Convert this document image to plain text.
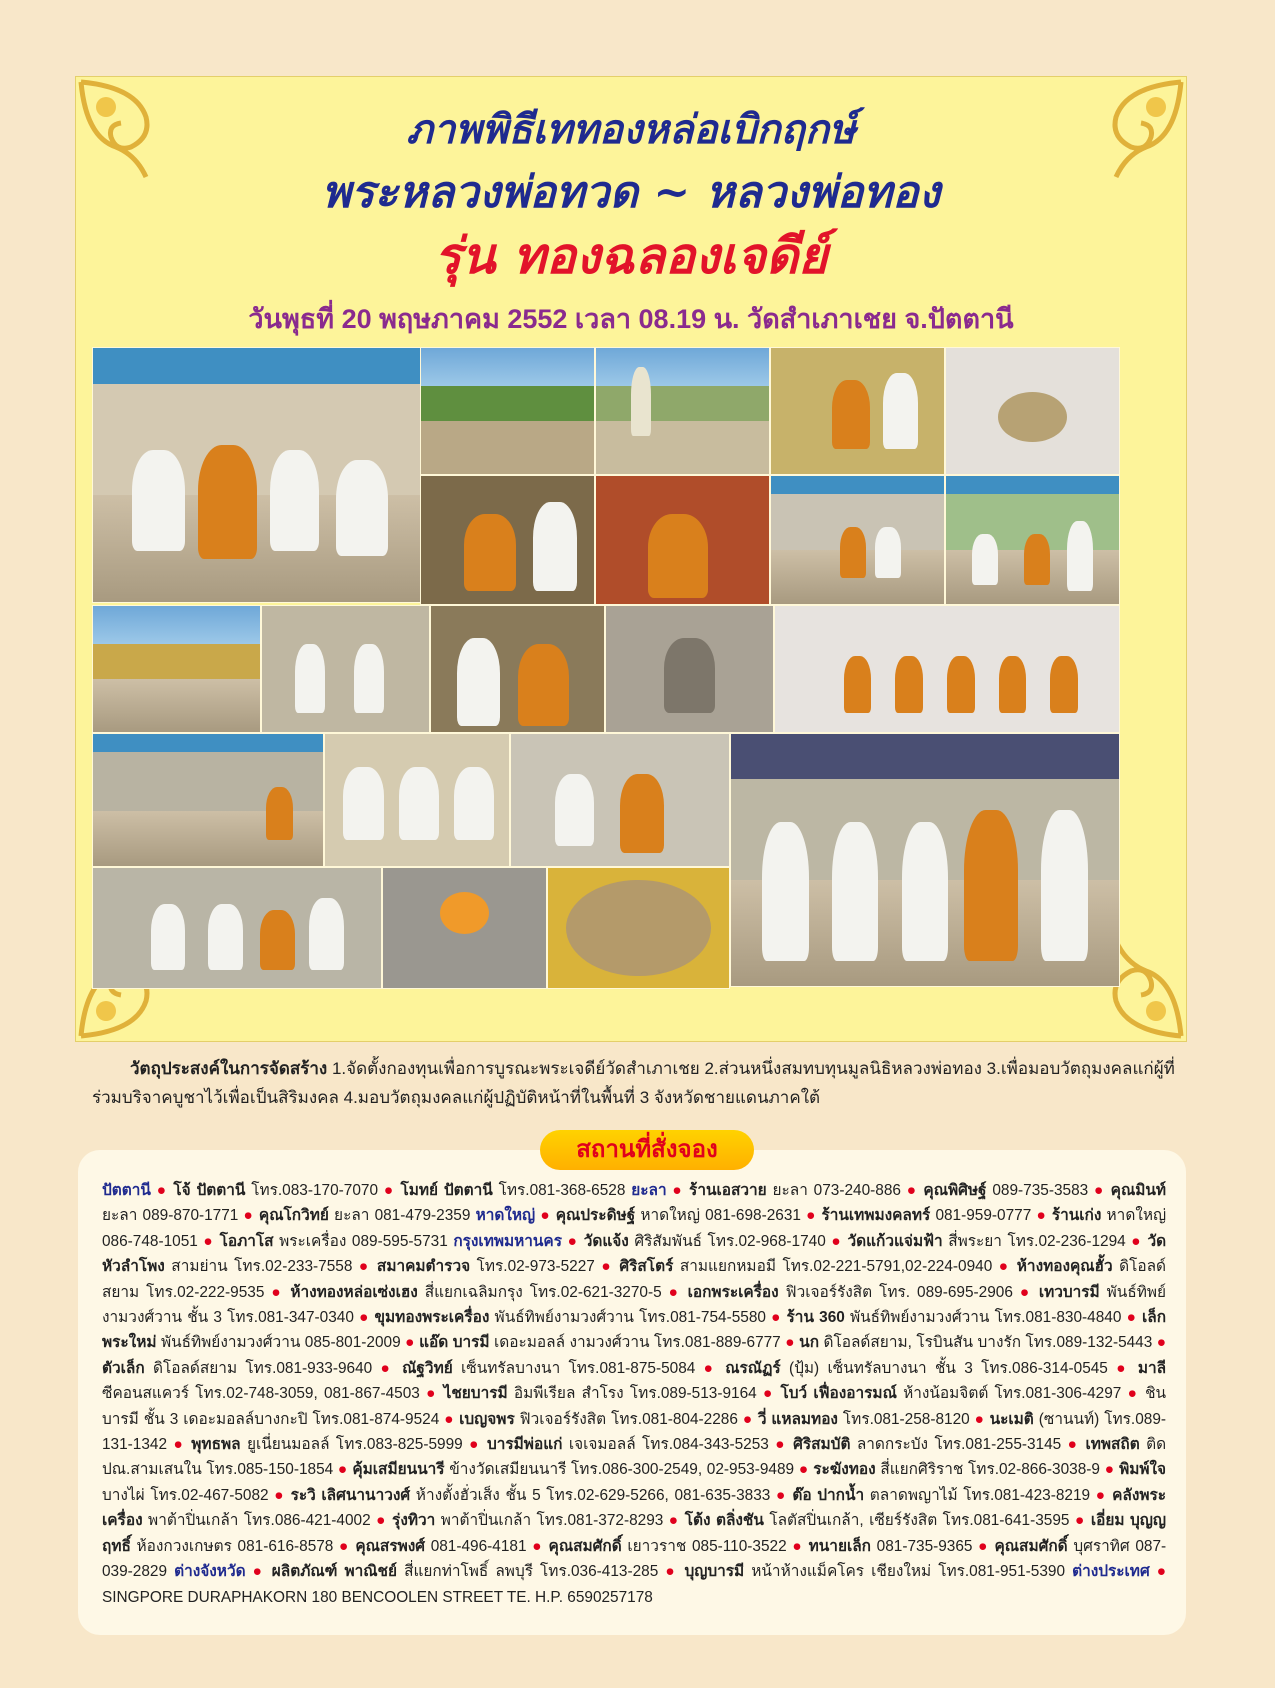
ภาพพิธีเททองหล่อเบิกฤกษ์
พระหลวงพ่อทวด ~ หลวงพ่อทอง
รุ่น ทองฉลองเจดีย์
วันพุธที่ 20 พฤษภาคม 2552 เวลา 08.19 น. วัดสำเภาเชย จ.ปัตตานี
วัตถุประสงค์ในการจัดสร้าง 1.จัดตั้งกองทุนเพื่อการบูรณะพระเจดีย์วัดสำเภาเชย 2.ส่วนหนึ่งสมทบทุนมูลนิธิหลวงพ่อทอง 3.เพื่อมอบวัตถุมงคลแก่ผู้ที่ร่วมบริจาคบูชาไว้เพื่อเป็นสิริมงคล 4.มอบวัตถุมงคลแก่ผู้ปฏิบัติหน้าที่ในพื้นที่ 3 จังหวัดชายแดนภาคใต้
ปัตตานี ● โจ้ ปัตตานี โทร.083-170-7070 ● โมทย์ ปัตตานี โทร.081-368-6528 ยะลา ● ร้านเอสวาย ยะลา 073-240-886 ● คุณพิศิษฐ์ 089-735-3583 ● คุณมินท์ ยะลา 089-870-1771 ● คุณโกวิทย์ ยะลา 081-479-2359 หาดใหญ่ ● คุณประดิษฐ์ หาดใหญ่ 081-698-2631 ● ร้านเทพมงคลทร์ 081-959-0777 ● ร้านเก่ง หาดใหญ่ 086-748-1051 ● โอภาโส พระเครื่อง 089-595-5731 กรุงเทพมหานคร ● วัดแจ้ง ศิริสัมพันธ์ โทร.02-968-1740 ● วัดแก้วแจ่มฟ้า สี่พระยา โทร.02-236-1294 ● วัดหัวลำโพง สามย่าน โทร.02-233-7558 ● สมาคมตำรวจ โทร.02-973-5227 ● ศิริสโตร์ สามแยกหมอมี โทร.02-221-5791,02-224-0940 ● ห้างทองคุณฮั้ว ดิโอลด์สยาม โทร.02-222-9535 ● ห้างทองหล่อเซ่งเฮง สี่แยกเฉลิมกรุง โทร.02-621-3270-5 ● เอกพระเครื่อง ฟิวเจอร์รังสิต โทร. 089-695-2906 ● เทวบารมี พันธ์ทิพย์งามวงศ์วาน ชั้น 3 โทร.081-347-0340 ● ขุมทองพระเครื่อง พันธ์ทิพย์งามวงศ์วาน โทร.081-754-5580 ● ร้าน 360 พันธ์ทิพย์งามวงศ์วาน โทร.081-830-4840 ● เล็ก พระใหม่ พันธ์ทิพย์งามวงศ์วาน 085-801-2009 ● แอ๊ด บารมี เดอะมอลล์ งามวงศ์วาน โทร.081-889-6777 ● นก ดิโอลด์สยาม, โรบินสัน บางรัก โทร.089-132-5443 ● ตัวเล็ก ดิโอลด์สยาม โทร.081-933-9640 ● ณัฐวิทย์ เซ็นทรัลบางนา โทร.081-875-5084 ● ณรณัฏร์ (ปุ้ม) เซ็นทรัลบางนา ชั้น 3 โทร.086-314-0545 ● มาลี ซีคอนสแควร์ โทร.02-748-3059, 081-867-4503 ● ไชยบารมี อิมพีเรียล สำโรง โทร.089-513-9164 ● โบว์ เฟื่องอารมณ์ ห้างน้อมจิตต์ โทร.081-306-4297 ● ชินบารมี ชั้น 3 เดอะมอลล์บางกะปิ โทร.081-874-9524 ● เบญจพร ฟิวเจอร์รังสิต โทร.081-804-2286 ● วี่ แหลมทอง โทร.081-258-8120 ● นะเมติ (ซานนท์) โทร.089-131-1342 ● พุทธพล ยูเนี่ยนมอลล์ โทร.083-825-5999 ● บารมีพ่อแก่ เจเจมอลล์ โทร.084-343-5253 ● ศิริสมบัติ ลาดกระบัง โทร.081-255-3145 ● เทพสถิต ติด ปณ.สามเสนใน โทร.085-150-1854 ● คุ้มเสมียนนารี ข้างวัดเสมียนนารี โทร.086-300-2549, 02-953-9489 ● ระฆังทอง สี่แยกศิริราช โทร.02-866-3038-9 ● พิมพ์ใจ บางไผ่ โทร.02-467-5082 ● ระวิ เลิศนานาวงศ์ ห้างตั้งฮั่วเส็ง ชั้น 5 โทร.02-629-5266, 081-635-3833 ● ต๊อ ปากน้ำ ตลาดพญาไม้ โทร.081-423-8219 ● คลังพระเครื่อง พาต้าปิ่นเกล้า โทร.086-421-4002 ● รุ่งทิวา พาต้าปิ่นเกล้า โทร.081-372-8293 ● โต้ง ตลิ่งชัน โลตัสปิ่นเกล้า, เซียร์รังสิต โทร.081-641-3595 ● เอี่ยม บุญญฤทธิ์ ห้องกวงเกษตร 081-616-8578 ● คุณสรพงศ์ 081-496-4181 ● คุณสมศักดิ์ เยาวราช 085-110-3522 ● ทนายเล็ก 081-735-9365 ● คุณสมศักดิ์ บุศราทิศ 087-039-2829 ต่างจังหวัด ● ผลิตภัณฑ์ พาณิชย์ สี่แยกท่าโพธิ์ ลพบุรี โทร.036-413-285 ● บุญบารมี หน้าห้างแม็คโคร เชียงใหม่ โทร.081-951-5390 ต่างประเทศ ● SINGPORE DURAPHAKORN 180 BENCOOLEN STREET TE. H.P. 6590257178
สถานที่สั่งจอง
